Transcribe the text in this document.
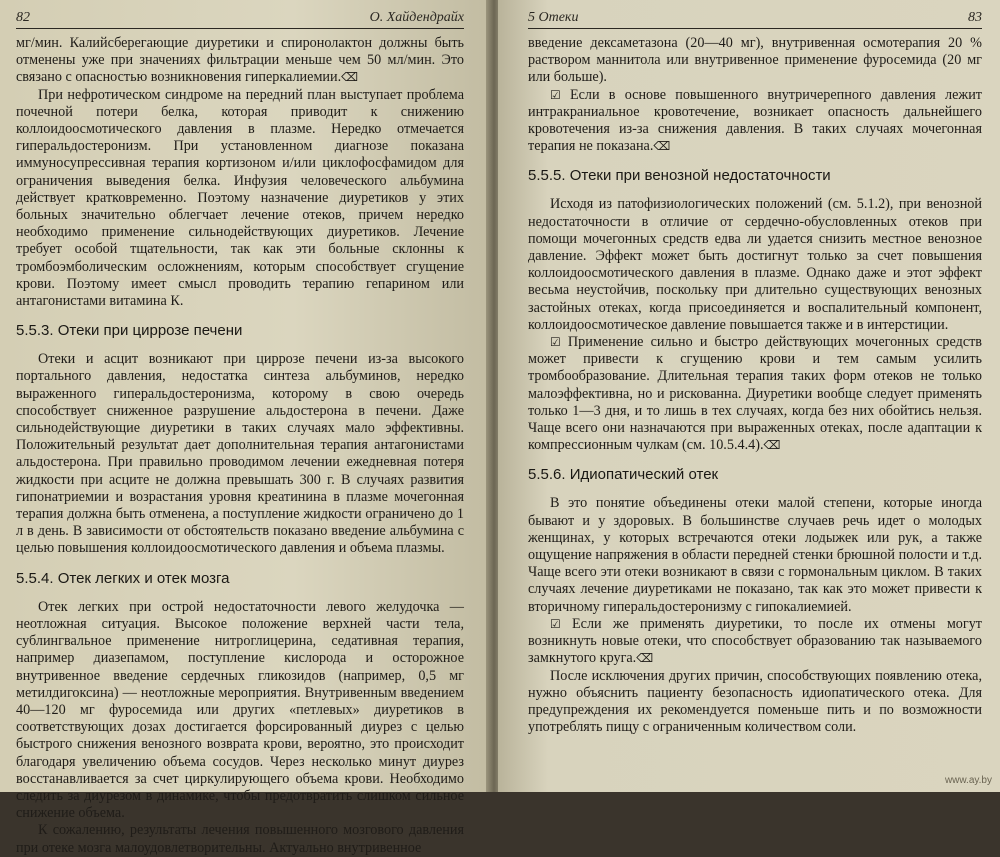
82	О. Хайдендрайх

мг/мин. Калийсберегающие диуретики и спиронолактон должны быть отменены уже при значениях фильтрации меньше чем 50 мл/мин. Это связано с опасностью возникновения гиперкалиемии.⌫

При нефротическом синдроме на передний план выступает проблема почечной потери белка, которая приводит к снижению коллоидоосмотического давления в плазме. Нередко отмечается гиперальдостеронизм. При установленном диагнозе показана иммуносупрессивная терапия кортизоном и/или циклофосфамидом для ограничения выведения белка. Инфузия человеческого альбумина действует кратковременно. Поэтому назначение диуретиков у этих больных значительно облегчает лечение отеков, причем нередко необходимо применение сильнодействующих диуретиков. Лечение требует особой тщательности, так как эти больные склонны к тромбоэмболическим осложнениям, которым способствует сгущение крови. Поэтому имеет смысл проводить терапию гепарином или антагонистами витамина К.

5.5.3. Отеки при циррозе печени

Отеки и асцит возникают при циррозе печени из-за высокого портального давления, недостатка синтеза альбуминов, нередко выраженного гиперальдостеронизма, которому в свою очередь способствует сниженное разрушение альдостерона в печени. Даже сильнодействующие диуретики в таких случаях мало эффективны. Положительный результат дает дополнительная терапия антагонистами альдостерона. При правильно проводимом лечении ежедневная потеря жидкости при асците не должна превышать 300 г. В случаях развития гипонатриемии и возрастания уровня креатинина в плазме мочегонная терапия должна быть отменена, а поступление жидкости ограничено до 1 л в день. В зависимости от обстоятельств показано введение альбумина с целью повышения коллоидоосмотического давления и объема плазмы.

5.5.4. Отек легких и отек мозга

Отек легких при острой недостаточности левого желудочка — неотложная ситуация. Высокое положение верхней части тела, сублингвальное применение нитроглицерина, седативная терапия, например диазепамом, поступление кислорода и осторожное внутривенное введение сердечных гликозидов (например, 0,5 мг метилдигоксина) — неотложные мероприятия. Внутривенным введением 40—120 мг фуросемида или других «петлевых» диуретиков в соответствующих дозах достигается форсированный диурез с целью быстрого снижения венозного возврата крови, вероятно, это происходит благодаря увеличению объема сосудов. Через несколько минут диурез восстанавливается за счет циркулирующего объема крови. Необходимо следить за диурезом в динамике, чтобы предотвратить слишком сильное снижение объема.

К сожалению, результаты лечения повышенного мозгового давления при отеке мозга малоудовлетворительны. Актуально внутривенное

5 Отеки	83

введение дексаметазона (20—40 мг), внутривенная осмотерапия 20 % раствором маннитола или внутривенное применение фуросемида (20 мг или больше).

☑ Если в основе повышенного внутричерепного давления лежит интракраниальное кровотечение, возникает опасность дальнейшего кровотечения из-за снижения давления. В таких случаях мочегонная терапия не показана.⌫

5.5.5. Отеки при венозной недостаточности

Исходя из патофизиологических положений (см. 5.1.2), при венозной недостаточности в отличие от сердечно-обусловленных отеков при помощи мочегонных средств едва ли удается снизить местное венозное давление. Эффект может быть достигнут только за счет повышения коллоидоосмотического давления в плазме. Однако даже и этот эффект весьма неустойчив, поскольку при длительно существующих венозных застойных отеках, когда присоединяется и воспалительный компонент, коллоидоосмотическое давление повышается также и в интерстиции.

☑ Применение сильно и быстро действующих мочегонных средств может привести к сгущению крови и тем самым усилить тромбообразование. Длительная терапия таких форм отеков не только малоэффективна, но и рискованна. Диуретики вообще следует применять только 1—3 дня, и то лишь в тех случаях, когда без них обойтись нельзя. Чаще всего они назначаются при выраженных отеках, после адаптации к компрессионным чулкам (см. 10.5.4.4).⌫

5.5.6. Идиопатический отек

В это понятие объединены отеки малой степени, которые иногда бывают и у здоровых. В большинстве случаев речь идет о молодых женщинах, у которых встречаются отеки лодыжек или рук, а также ощущение напряжения в области передней стенки брюшной полости и т.д. Чаще всего эти отеки возникают в связи с гормональным циклом. В таких случаях лечение диуретиками не показано, так как это может привести к вторичному гиперальдостеронизму с гипокалиемией.

☑ Если же применять диуретики, то после их отмены могут возникнуть новые отеки, что способствует образованию так называемого замкнутого круга.⌫

После исключения других причин, способствующих появлению отека, нужно объяснить пациенту безопасность идиопатического отека. Для предупреждения их рекомендуется поменьше пить и по возможности употреблять пищу с ограниченным количеством соли.

www.ay.by
